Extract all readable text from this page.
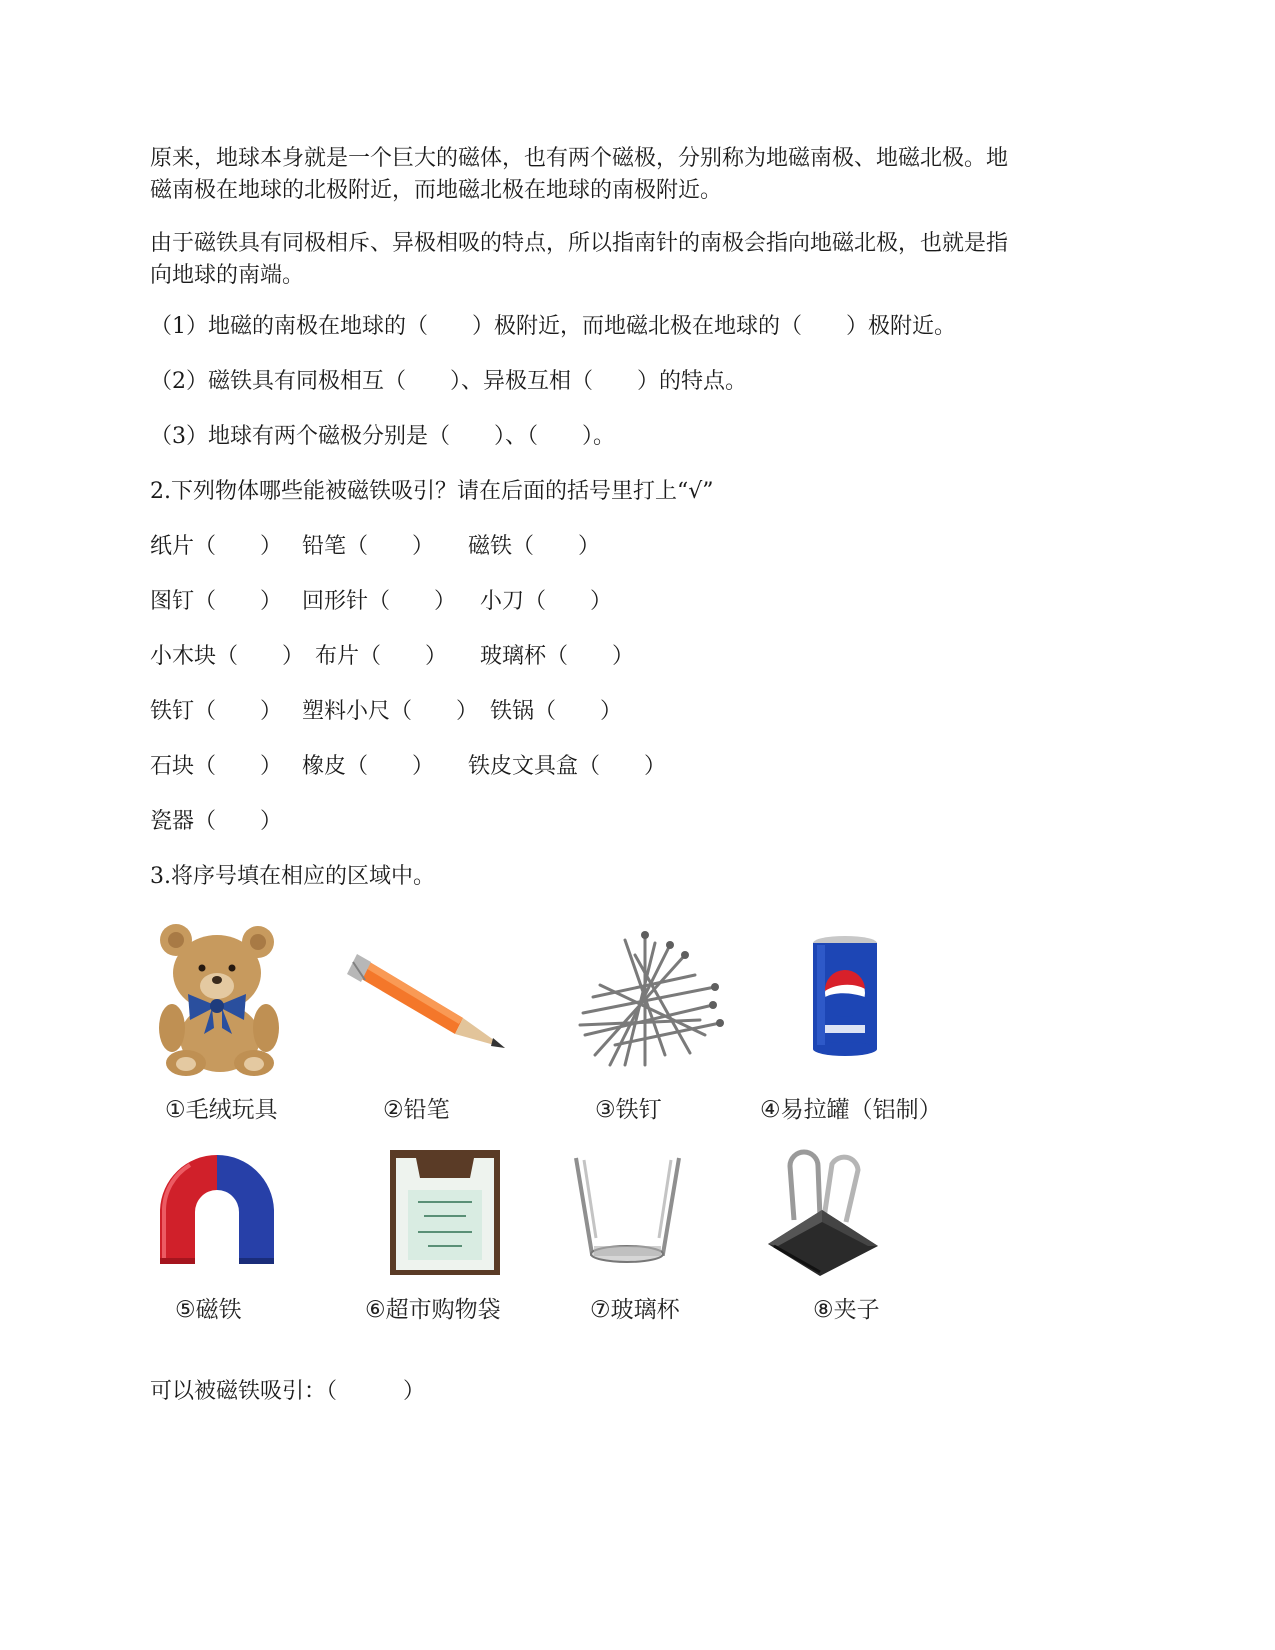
原来，地球本身就是一个巨大的磁体，也有两个磁极，分别称为地磁南极、地磁北极。地
磁南极在地球的北极附近，而地磁北极在地球的南极附近。
由于磁铁具有同极相斥、异极相吸的特点，所以指南针的南极会指向地磁北极，也就是指
向地球的南端。
（1）地磁的南极在地球的（　　）极附近，而地磁北极在地球的（　　）极附近。
（2）磁铁具有同极相互（　　）、异极互相（　　）的特点。
（3）地球有两个磁极分别是（　　）、（　　）。
2.下列物体哪些能被磁铁吸引？请在后面的括号里打上“√”

纸片（　　）

铅笔（　　）

磁铁（　　）

图钉（　　）

回形针（　　）

小刀（　　）

小木块（　　）

布片（　　）

玻璃杯（　　）

铁钉（　　）

塑料小尺（　　）

铁锅（　　）

石块（　　）

橡皮（　　）

铁皮文具盒（　　）

瓷器（　　）

3.将序号填在相应的区域中。
①毛绒玩具	②铅笔	③铁钉	④易拉罐（铝制）
⑤磁铁	⑥超市购物袋	⑦玻璃杯	⑧夹子
可以被磁铁吸引：（　　　）
